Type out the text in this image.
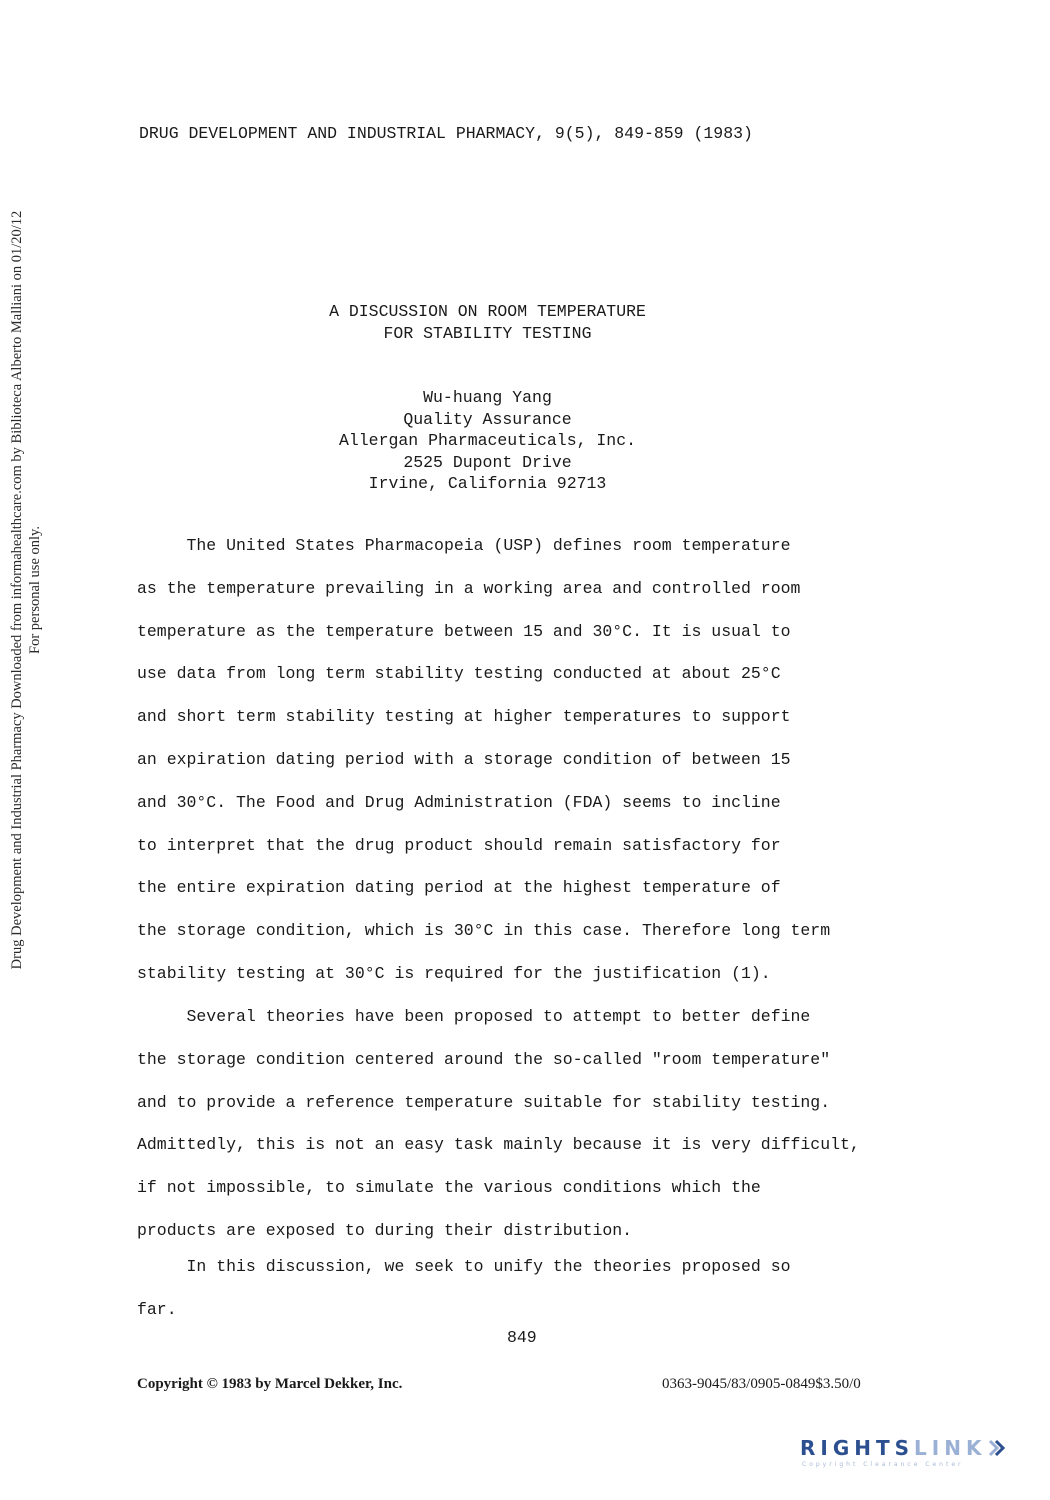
DRUG DEVELOPMENT AND INDUSTRIAL PHARMACY, 9(5), 849-859 (1983)
A DISCUSSION ON ROOM TEMPERATURE
FOR STABILITY TESTING
Wu-huang Yang
Quality Assurance
Allergan Pharmaceuticals, Inc.
2525 Dupont Drive
Irvine, California 92713
The United States Pharmacopeia (USP) defines room temperature
as the temperature prevailing in a working area and controlled room
temperature as the temperature between 15 and 30°C. It is usual to
use data from long term stability testing conducted at about 25°C
and short term stability testing at higher temperatures to support
an expiration dating period with a storage condition of between 15
and 30°C. The Food and Drug Administration (FDA) seems to incline
to interpret that the drug product should remain satisfactory for
the entire expiration dating period at the highest temperature of
the storage condition, which is 30°C in this case. Therefore long term
stability testing at 30°C is required for the justification (1).
Several theories have been proposed to attempt to better define
the storage condition centered around the so-called "room temperature"
and to provide a reference temperature suitable for stability testing.
Admittedly, this is not an easy task mainly because it is very difficult,
if not impossible, to simulate the various conditions which the
products are exposed to during their distribution.
In this discussion, we seek to unify the theories proposed so
far.
849
Copyright © 1983 by Marcel Dekker, Inc.	0363-9045/83/0905-0849$3.50/0
Drug Development and Industrial Pharmacy Downloaded from informahealthcare.com by Biblioteca Alberto Malliani on 01/20/12 For personal use only.
RIGHTSLINK
Copyright Clearance Center
